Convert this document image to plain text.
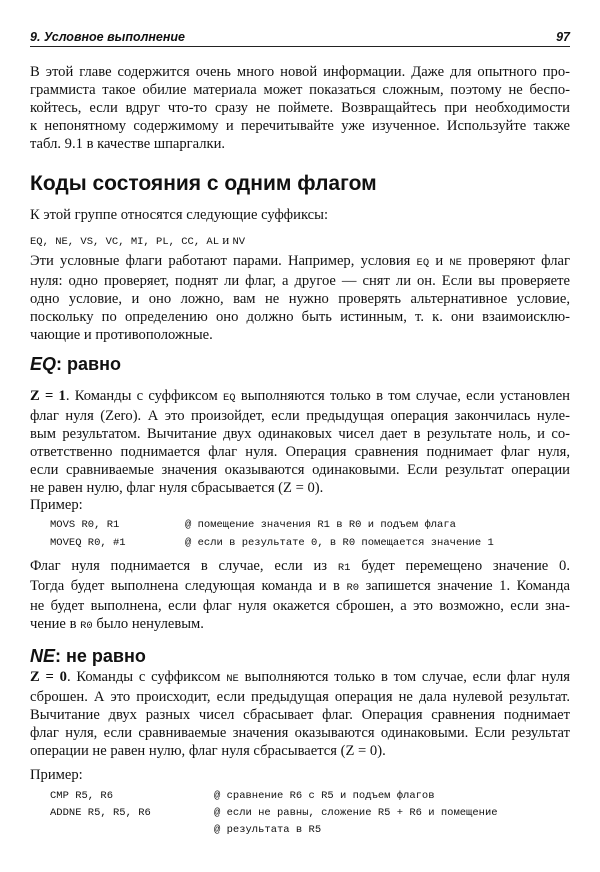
9. Условное выполнение	97
В этой главе содержится очень много новой информации. Даже для опытного про-
граммиста такое обилие материала может показаться сложным, поэтому не беспо-
койтесь, если вдруг что-то сразу не поймете. Возвращайтесь при необходимости
к непонятному содержимому и перечитывайте уже изученное. Используйте также
табл. 9.1 в качестве шпаргалки.
Коды состояния с одним флагом
К этой группе относятся следующие суффиксы:
EQ, NE, VS, VC, MI, PL, CC, AL и NV
Эти условные флаги работают парами. Например, условия EQ и NE проверяют флаг
нуля: одно проверяет, поднят ли флаг, а другое — снят ли он. Если вы проверяете
одно условие, и оно ложно, вам не нужно проверять альтернативное условие,
поскольку по определению оно должно быть истинным, т. к. они взаимоисклю-
чающие и противоположные.
EQ: равно
Z = 1. Команды с суффиксом EQ выполняются только в том случае, если установлен
флаг нуля (Zero). А это произойдет, если предыдущая операция закончилась нуле-
вым результатом. Вычитание двух одинаковых чисел дает в результате ноль, и со-
ответственно поднимается флаг нуля. Операция сравнения поднимает флаг нуля,
если сравниваемые значения оказываются одинаковыми. Если результат операции
не равен нулю, флаг нуля сбрасывается (Z = 0).
Пример:
MOVS R0, R1	@ помещение значения R1 в R0 и подъем флага
MOVEQ R0, #1	@ если в результате 0, в R0 помещается значение 1
Флаг нуля поднимается в случае, если из R1 будет перемещено значение 0.
Тогда будет выполнена следующая команда и в R0 запишется значение 1. Команда
не будет выполнена, если флаг нуля окажется сброшен, а это возможно, если зна-
чение в R0 было ненулевым.
NE: не равно
Z = 0. Команды с суффиксом NE выполняются только в том случае, если флаг нуля
сброшен. А это происходит, если предыдущая операция не дала нулевой результат.
Вычитание двух разных чисел сбрасывает флаг. Операция сравнения поднимает
флаг нуля, если сравниваемые значения оказываются одинаковыми. Если результат
операции не равен нулю, флаг нуля сбрасывается (Z = 0).
Пример:
CMP R5, R6	@ сравнение R6 с R5 и подъем флагов
ADDNE R5, R5, R6	@ если не равны, сложение R5 + R6 и помещение
@ результата в R5
